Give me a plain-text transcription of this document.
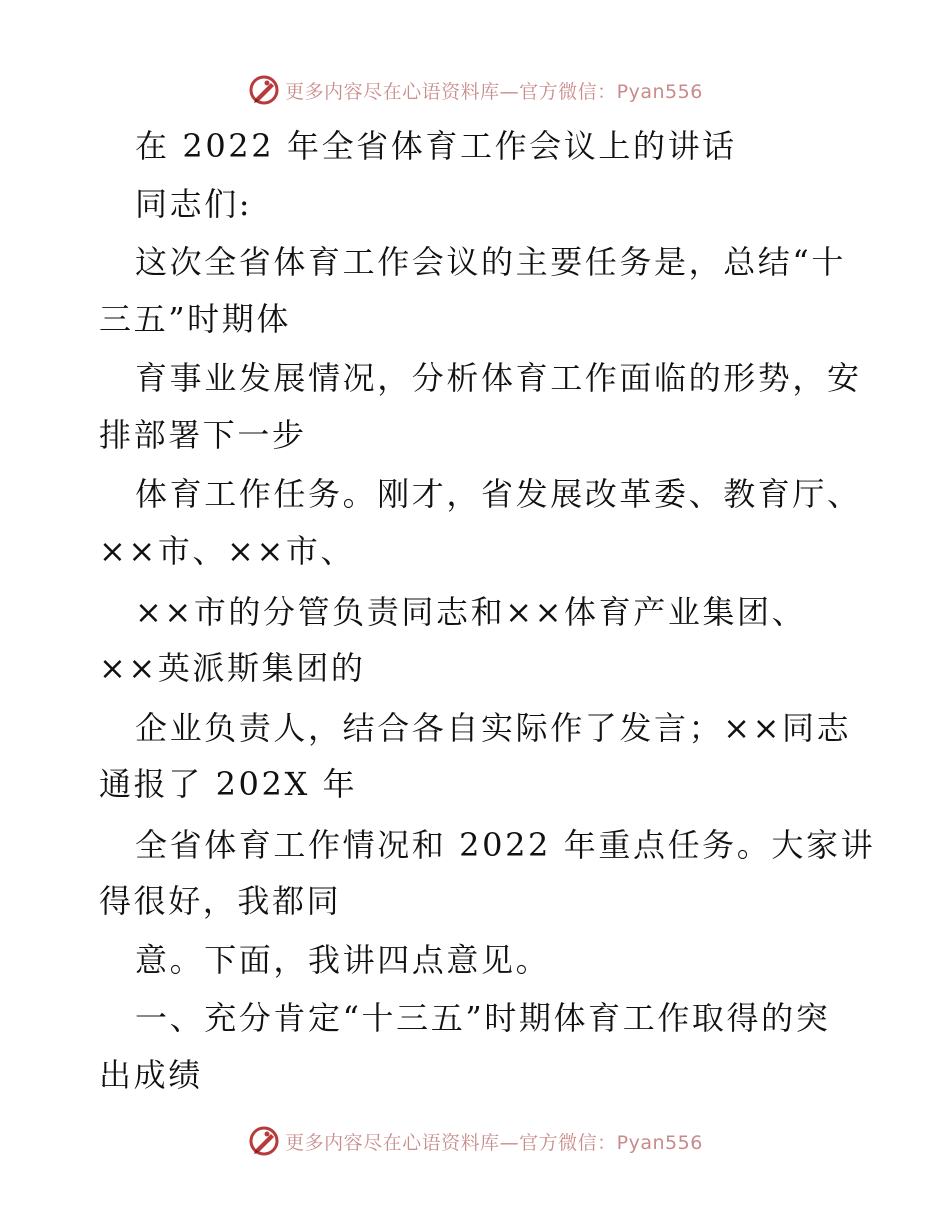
更多内容尽在心语资料库—官方微信：Pyan556
在 2022 年全省体育工作会议上的讲话
同志们:
这次全省体育工作会议的主要任务是，总结“十
三五”时期体
育事业发展情况，分析体育工作面临的形势，安
排部署下一步
体育工作任务。刚才，省发展改革委、教育厅、
××市、××市、
××市的分管负责同志和××体育产业集团、
××英派斯集团的
企业负责人，结合各自实际作了发言；××同志
通报了 202X 年
全省体育工作情况和 2022 年重点任务。大家讲
得很好，我都同
意。下面，我讲四点意见。
一、充分肯定“十三五”时期体育工作取得的突
出成绩
更多内容尽在心语资料库—官方微信：Pyan556
